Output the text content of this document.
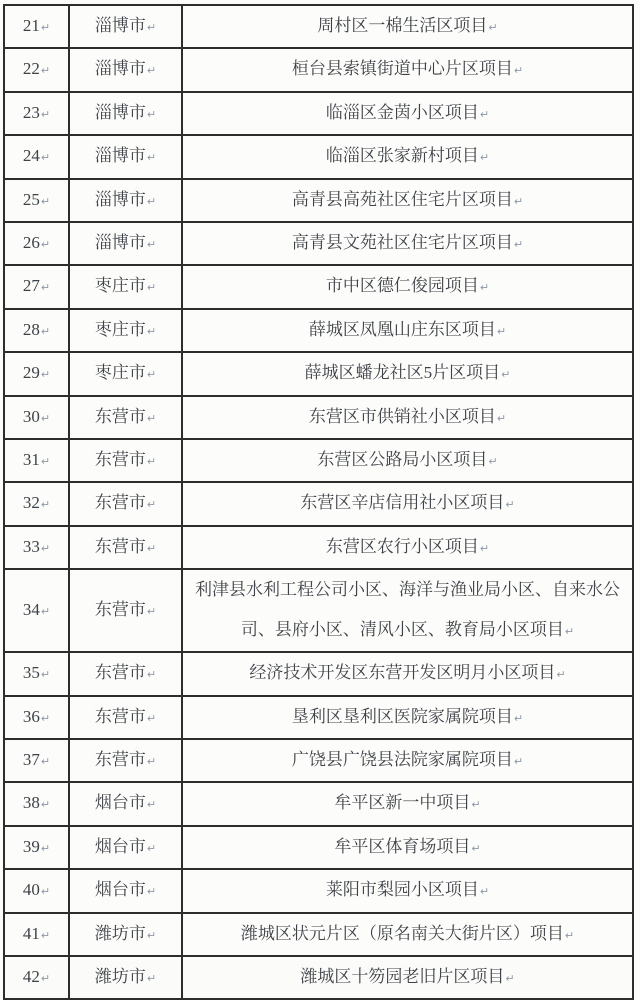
21↵	淄博市↵	周村区一棉生活区项目↵
22↵	淄博市↵	桓台县索镇街道中心片区项目↵
23↵	淄博市↵	临淄区金茵小区项目↵
24↵	淄博市↵	临淄区张家新村项目↵
25↵	淄博市↵	高青县高苑社区住宅片区项目↵
26↵	淄博市↵	高青县文苑社区住宅片区项目↵
27↵	枣庄市↵	市中区德仁俊园项目↵
28↵	枣庄市↵	薛城区凤凰山庄东区项目↵
29↵	枣庄市↵	薛城区蟠龙社区5片区项目↵
30↵	东营市↵	东营区市供销社小区项目↵
31↵	东营市↵	东营区公路局小区项目↵
32↵	东营市↵	东营区辛店信用社小区项目↵
33↵	东营市↵	东营区农行小区项目↵
34↵	东营市↵	利津县水利工程公司小区、海洋与渔业局小区、自来水公司、县府小区、清风小区、教育局小区项目↵
35↵	东营市↵	经济技术开发区东营开发区明月小区项目↵
36↵	东营市↵	垦利区垦利区医院家属院项目↵
37↵	东营市↵	广饶县广饶县法院家属院项目↵
38↵	烟台市↵	牟平区新一中项目↵
39↵	烟台市↵	牟平区体育场项目↵
40↵	烟台市↵	莱阳市梨园小区项目↵
41↵	潍坊市↵	潍城区状元片区（原名南关大街片区）项目↵
42↵	潍坊市↵	潍城区十笏园老旧片区项目↵
